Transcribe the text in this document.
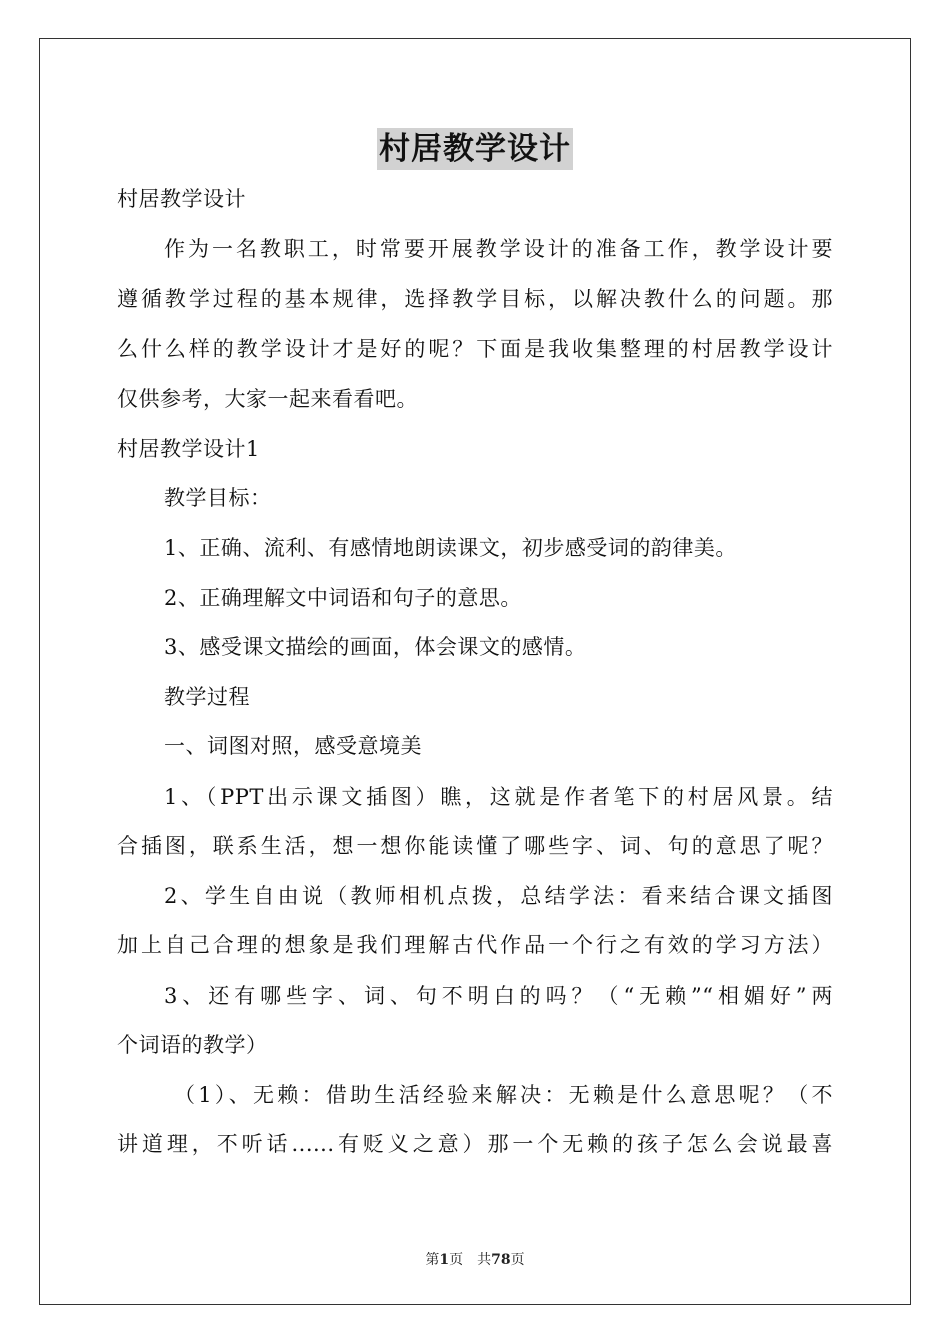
村居教学设计

村居教学设计

作为一名教职工，时常要开展教学设计的准备工作，教学设计要

遵循教学过程的基本规律，选择教学目标，以解决教什么的问题。那

么什么样的教学设计才是好的呢？下面是我收集整理的村居教学设计

仅供参考，大家一起来看看吧。

村居教学设计1

教学目标：

1、正确、流利、有感情地朗读课文，初步感受词的韵律美。

2、正确理解文中词语和句子的意思。

3、感受课文描绘的画面，体会课文的感情。

教学过程

一、词图对照，感受意境美

1、（PPT出示课文插图）瞧，这就是作者笔下的村居风景。结

合插图，联系生活，想一想你能读懂了哪些字、词、句的意思了呢？

2、学生自由说（教师相机点拨，总结学法：看来结合课文插图

加上自己合理的想象是我们理解古代作品一个行之有效的学习方法）

3、还有哪些字、词、句不明白的吗？（“无赖”“相媚好”两

个词语的教学）

（1）、无赖：借助生活经验来解决：无赖是什么意思呢？（不

讲道理，不听话......有贬义之意）那一个无赖的孩子怎么会说最喜

第1页 共78页
